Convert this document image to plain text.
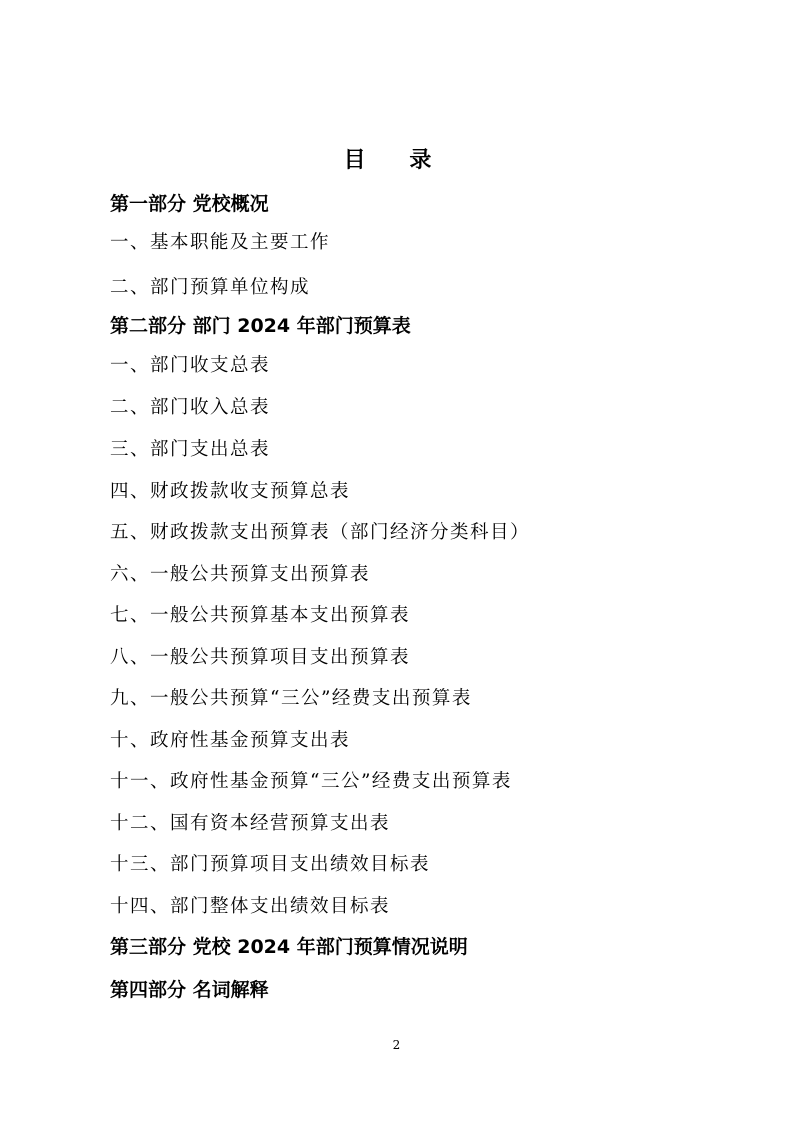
目 录
第一部分 党校概况
一、基本职能及主要工作
二、部门预算单位构成
第二部分 部门 2024 年部门预算表
一、部门收支总表
二、部门收入总表
三、部门支出总表
四、财政拨款收支预算总表
五、财政拨款支出预算表（部门经济分类科目）
六、一般公共预算支出预算表
七、一般公共预算基本支出预算表
八、一般公共预算项目支出预算表
九、一般公共预算“三公”经费支出预算表
十、政府性基金预算支出表
十一、政府性基金预算“三公”经费支出预算表
十二、国有资本经营预算支出表
十三、部门预算项目支出绩效目标表
十四、部门整体支出绩效目标表
第三部分 党校 2024 年部门预算情况说明
第四部分 名词解释
2
